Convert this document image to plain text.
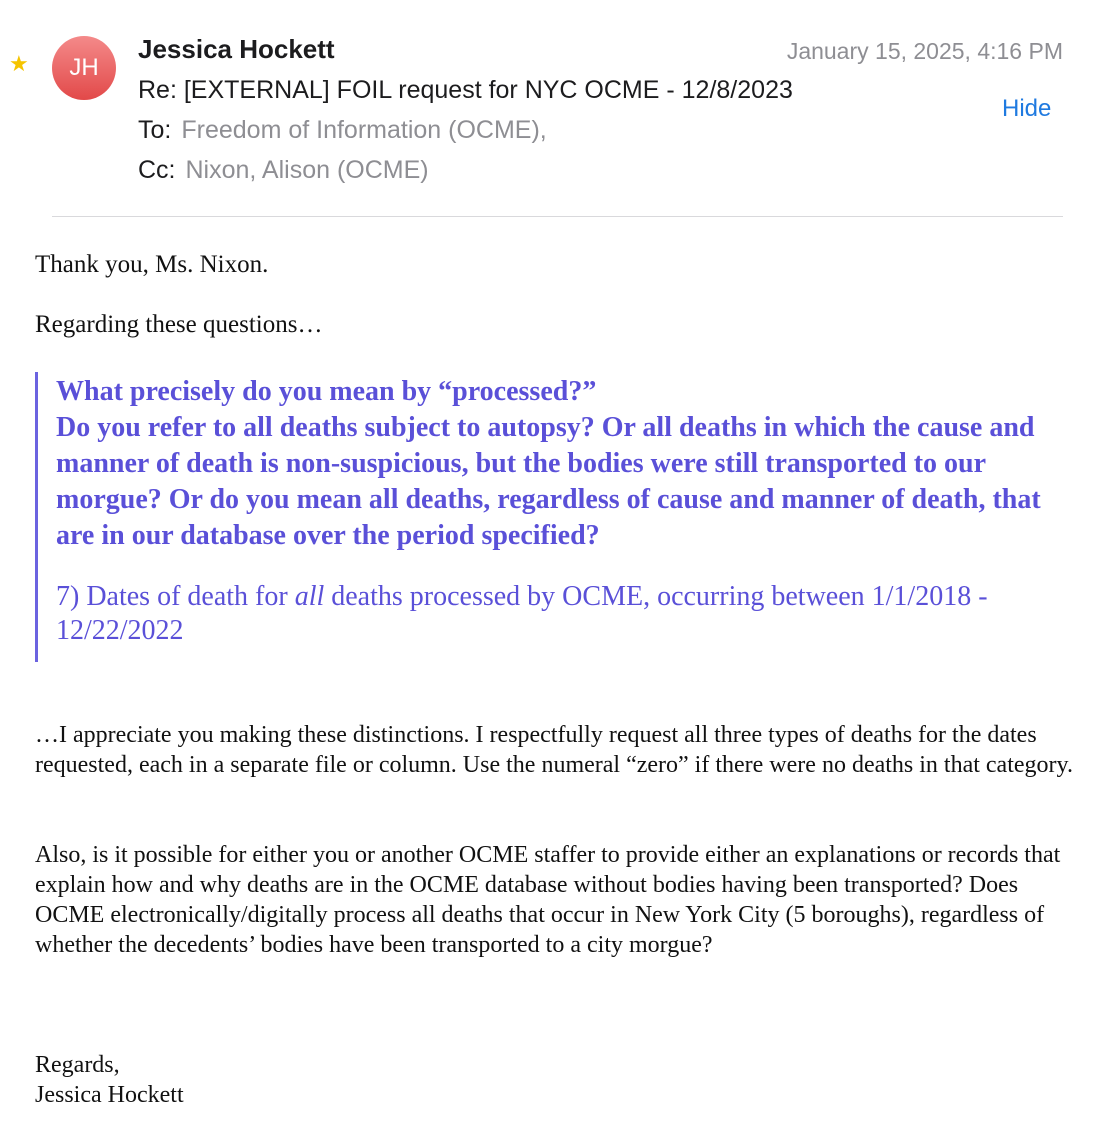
★ JH
Jessica Hockett	January 15, 2025, 4:16 PM
Re: [EXTERNAL] FOIL request for NYC OCME - 12/8/2023
Hide
To: Freedom of Information (OCME),
Cc: Nixon, Alison (OCME)

Thank you, Ms. Nixon.

Regarding these questions…

What precisely do you mean by “processed?”
Do you refer to all deaths subject to autopsy? Or all deaths in which the cause and manner of death is non-suspicious, but the bodies were still transported to our morgue? Or do you mean all deaths, regardless of cause and manner of death, that are in our database over the period specified?

7) Dates of death for all deaths processed by OCME, occurring between 1/1/2018 - 12/22/2022

…I appreciate you making these distinctions. I respectfully request all three types of deaths for the dates requested, each in a separate file or column. Use the numeral “zero” if there were no deaths in that category.

Also, is it possible for either you or another OCME staffer to provide either an explanations or records that explain how and why deaths are in the OCME database without bodies having been transported? Does OCME electronically/digitally process all deaths that occur in New York City (5 boroughs), regardless of whether the decedents’ bodies have been transported to a city morgue?

Regards,

Jessica Hockett
